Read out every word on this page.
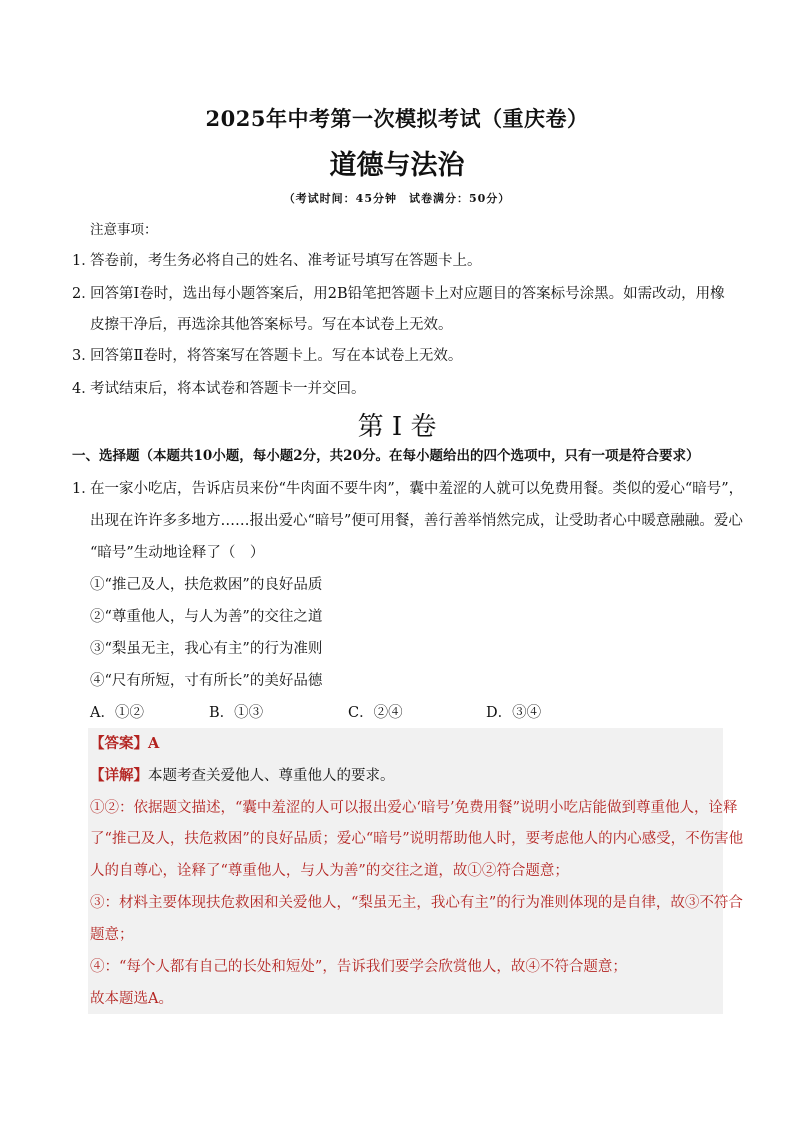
2025年中考第一次模拟考试（重庆卷）
道德与法治
（考试时间：45分钟　试卷满分：50分）
注意事项：
1．答卷前，考生务必将自己的姓名、准考证号填写在答题卡上。
2．回答第Ⅰ卷时，选出每小题答案后，用2B铅笔把答题卡上对应题目的答案标号涂黑。如需改动，用橡
皮擦干净后，再选涂其他答案标号。写在本试卷上无效。
3．回答第Ⅱ卷时，将答案写在答题卡上。写在本试卷上无效。
4．考试结束后，将本试卷和答题卡一并交回。
第 I 卷
一、选择题（本题共10小题，每小题2分，共20分。在每小题给出的四个选项中，只有一项是符合要求）
1．在一家小吃店，告诉店员来份“牛肉面不要牛肉”，囊中羞涩的人就可以免费用餐。类似的爱心“暗号”，
出现在许许多多地方……报出爱心“暗号”便可用餐，善行善举悄然完成，让受助者心中暖意融融。爱心
“暗号”生动地诠释了（　）
①“推己及人，扶危救困”的良好品质
②“尊重他人，与人为善”的交往之道
③“梨虽无主，我心有主”的行为准则
④“尺有所短，寸有所长”的美好品德
A．①②	B．①③	C．②④	D．③④
【答案】A
【详解】本题考查关爱他人、尊重他人的要求。
①②：依据题文描述，“囊中羞涩的人可以报出爱心‘暗号’免费用餐”说明小吃店能做到尊重他人，诠释
了“推己及人，扶危救困”的良好品质；爱心“暗号”说明帮助他人时，要考虑他人的内心感受，不伤害他
人的自尊心，诠释了“尊重他人，与人为善”的交往之道，故①②符合题意；
③：材料主要体现扶危救困和关爱他人，“梨虽无主，我心有主”的行为准则体现的是自律，故③不符合
题意；
④：“每个人都有自己的长处和短处”，告诉我们要学会欣赏他人，故④不符合题意；
故本题选A。
